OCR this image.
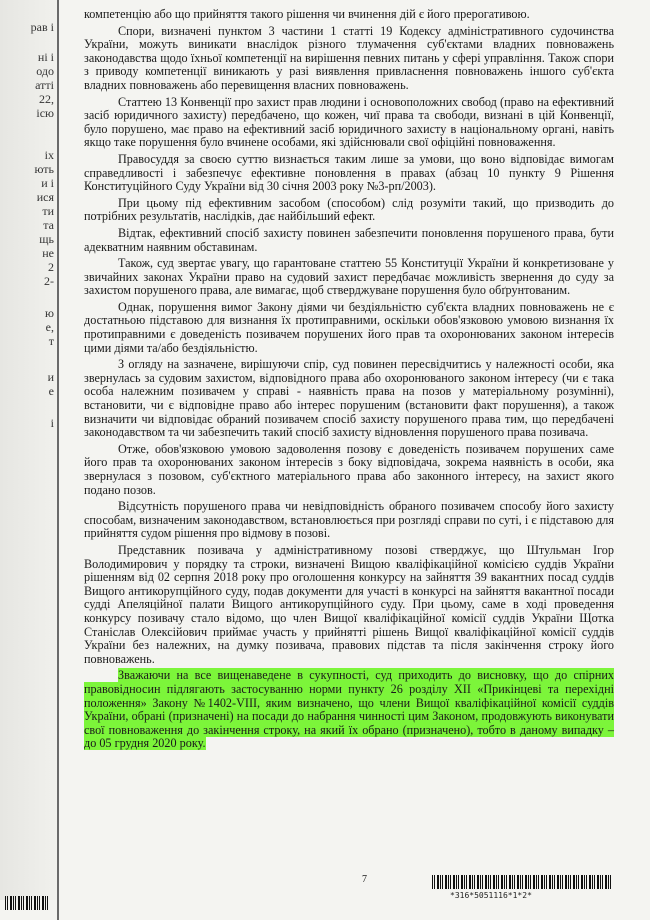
рав і
ні і
одо
атті
22,
ісю
іх
ють
и і
ися
ти
та
щь
не
2
2-
ю
е,
т
и
е
і

компетенцію або що прийняття такого рішення чи вчинення дій є його прерогативою.

Спори, визначені пунктом 3 частини 1 статті 19 Кодексу адміністративного судочинства України, можуть виникати внаслідок різного тлумачення суб'єктами владних повноважень законодавства щодо їхньої компетенції на вирішення певних питань у сфері управління. Також спори з приводу компетенції виникають у разі виявлення привласнення повноважень іншого суб'єкта владних повноважень або перевищення власних повноважень.

Статтею 13 Конвенції про захист прав людини і основоположних свобод (право на ефективний засіб юридичного захисту) передбачено, що кожен, чиї права та свободи, визнані в цій Конвенції, було порушено, має право на ефективний засіб юридичного захисту в національному органі, навіть якщо таке порушення було вчинене особами, які здійснювали свої офіційні повноваження.

Правосуддя за своєю суттю визнається таким лише за умови, що воно відповідає вимогам справедливості і забезпечує ефективне поновлення в правах (абзац 10 пункту 9 Рішення Конституційного Суду України від 30 січня 2003 року №3-рп/2003).

При цьому під ефективним засобом (способом) слід розуміти такий, що призводить до потрібних результатів, наслідків, дає найбільший ефект.

Відтак, ефективний спосіб захисту повинен забезпечити поновлення порушеного права, бути адекватним наявним обставинам.

Також, суд звертає увагу, що гарантоване статтею 55 Конституції України й конкретизоване у звичайних законах України право на судовий захист передбачає можливість звернення до суду за захистом порушеного права, але вимагає, щоб стверджуване порушення було обґрунтованим.

Однак, порушення вимог Закону діями чи бездіяльністю суб'єкта владних повноважень не є достатньою підставою для визнання їх протиправними, оскільки обов'язковою умовою визнання їх протиправними є доведеність позивачем порушених його прав та охоронюваних законом інтересів цими діями та/або бездіяльністю.

З огляду на зазначене, вирішуючи спір, суд повинен пересвідчитись у належності особи, яка звернулась за судовим захистом, відповідного права або охоронюваного законом інтересу (чи є така особа належним позивачем у справі - наявність права на позов у матеріальному розумінні), встановити, чи є відповідне право або інтерес порушеним (встановити факт порушення), а також визначити чи відповідає обраний позивачем спосіб захисту порушеного права тим, що передбачені законодавством та чи забезпечить такий спосіб захисту відновлення порушеного права позивача.

Отже, обов'язковою умовою задоволення позову є доведеність позивачем порушених саме його прав та охоронюваних законом інтересів з боку відповідача, зокрема наявність в особи, яка звернулася з позовом, суб'єктного матеріального права або законного інтересу, на захист якого подано позов.

Відсутність порушеного права чи невідповідність обраного позивачем способу його захисту способам, визначеним законодавством, встановлюється при розгляді справи по суті, і є підставою для прийняття судом рішення про відмову в позові.

Представник позивача у адміністративному позові стверджує, що Штульман Ігор Володимирович у порядку та строки, визначені Вищою кваліфікаційної комісією суддів України рішенням від 02 серпня 2018 року про оголошення конкурсу на зайняття 39 вакантних посад суддів Вищого антикорупційного суду, подав документи для участі в конкурсі на зайняття вакантної посади судді Апеляційної палати Вищого антикорупційного суду. При цьому, саме в ході проведення конкурсу позивачу стало відомо, що член Вищої кваліфікаційної комісії суддів України Щотка Станіслав Олексійович приймає участь у прийнятті рішень Вищої кваліфікаційної комісії суддів України без належних, на думку позивача, правових підстав та після закінчення строку його повноважень.

Зважаючи на все вищенаведене в сукупності, суд приходить до висновку, що до спірних правовідносин підлягають застосуванню норми пункту 26 розділу XII «Прикінцеві та перехідні положення» Закону №1402-VIII, яким визначено, що члени Вищої кваліфікаційної комісії суддів України, обрані (призначені) на посади до набрання чинності цим Законом, продовжують виконувати свої повноваження до закінчення строку, на який їх обрано (призначено), тобто в даному випадку – до 05 грудня 2020 року.

7
*316*5051116*1*2*
